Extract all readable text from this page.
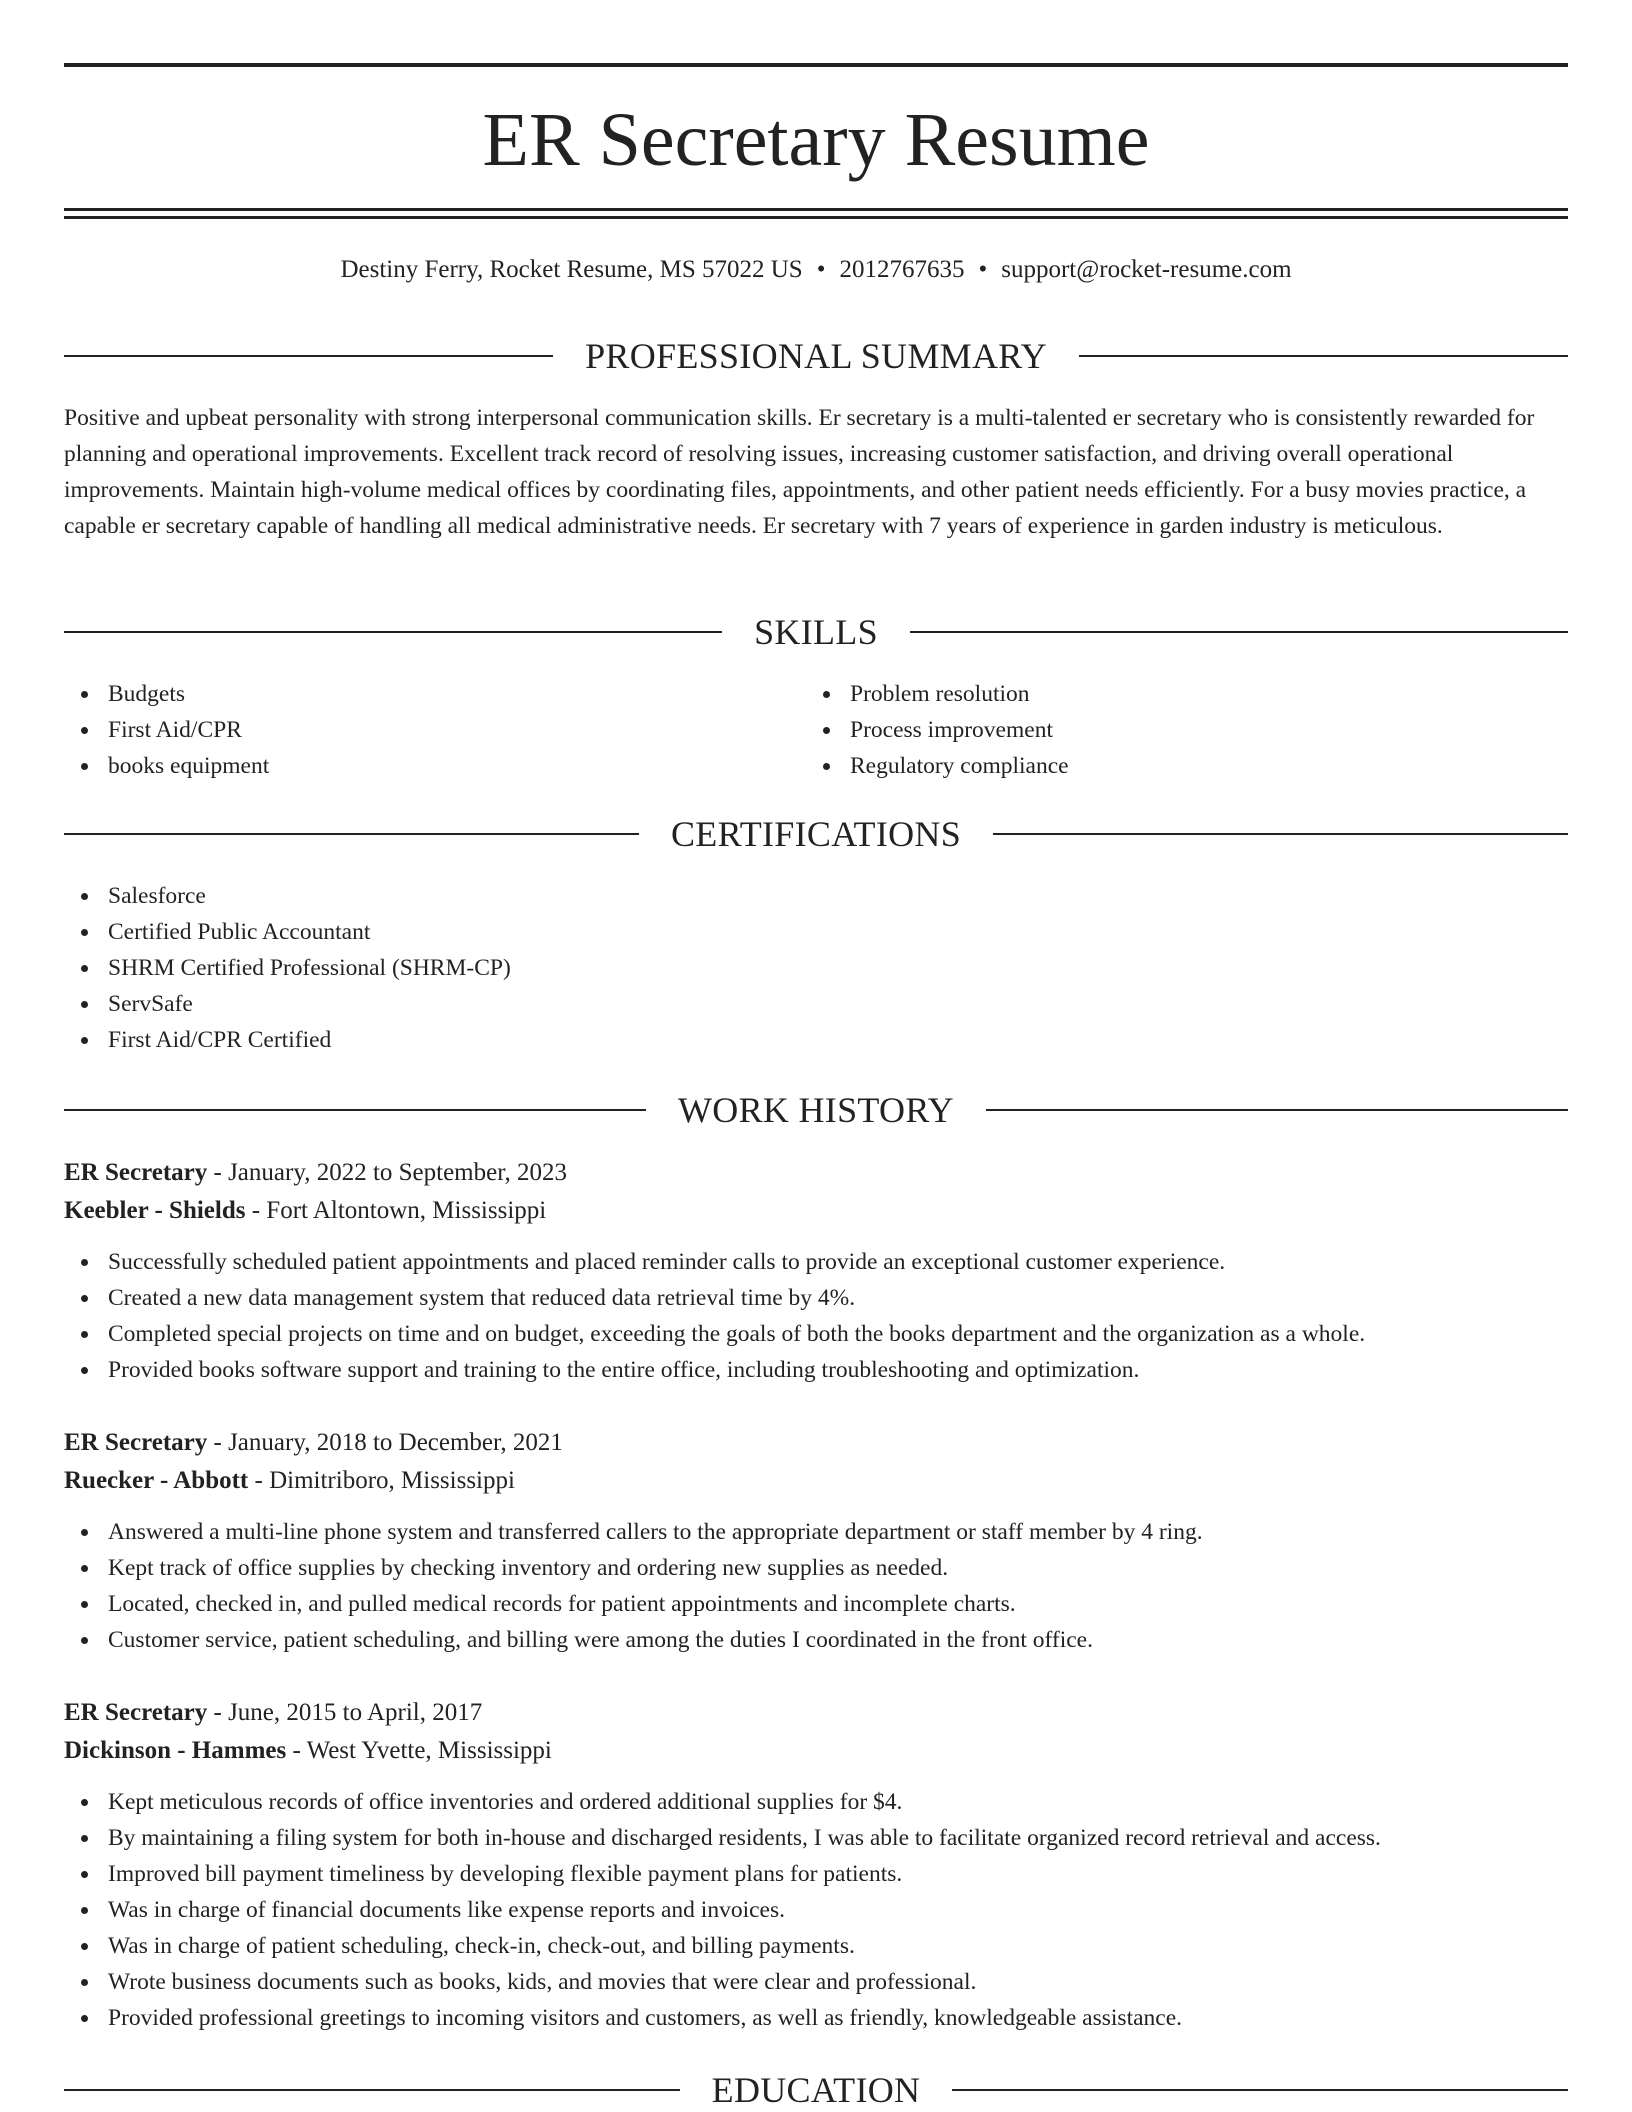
ER Secretary Resume
Destiny Ferry, Rocket Resume, MS 57022 US • 2012767635 • support@rocket-resume.com
PROFESSIONAL SUMMARY

Positive and upbeat personality with strong interpersonal communication skills. Er secretary is a multi-talented er secretary who is consistently rewarded for planning and operational improvements. Excellent track record of resolving issues, increasing customer satisfaction, and driving overall operational improvements. Maintain high-volume medical offices by coordinating files, appointments, and other patient needs efficiently. For a busy movies practice, a capable er secretary capable of handling all medical administrative needs. Er secretary with 7 years of experience in garden industry is meticulous.

SKILLS
Budgets
First Aid/CPR
books equipment
Problem resolution
Process improvement
Regulatory compliance
CERTIFICATIONS
Salesforce
Certified Public Accountant
SHRM Certified Professional (SHRM-CP)
ServSafe
First Aid/CPR Certified
WORK HISTORY
ER Secretary - January, 2022 to September, 2023
Keebler - Shields - Fort Altontown, Mississippi
Successfully scheduled patient appointments and placed reminder calls to provide an exceptional customer experience.
Created a new data management system that reduced data retrieval time by 4%.
Completed special projects on time and on budget, exceeding the goals of both the books department and the organization as a whole.
Provided books software support and training to the entire office, including troubleshooting and optimization.
ER Secretary - January, 2018 to December, 2021
Ruecker - Abbott - Dimitriboro, Mississippi
Answered a multi-line phone system and transferred callers to the appropriate department or staff member by 4 ring.
Kept track of office supplies by checking inventory and ordering new supplies as needed.
Located, checked in, and pulled medical records for patient appointments and incomplete charts.
Customer service, patient scheduling, and billing were among the duties I coordinated in the front office.
ER Secretary - June, 2015 to April, 2017
Dickinson - Hammes - West Yvette, Mississippi
Kept meticulous records of office inventories and ordered additional supplies for $4.
By maintaining a filing system for both in-house and discharged residents, I was able to facilitate organized record retrieval and access.
Improved bill payment timeliness by developing flexible payment plans for patients.
Was in charge of financial documents like expense reports and invoices.
Was in charge of patient scheduling, check-in, check-out, and billing payments.
Wrote business documents such as books, kids, and movies that were clear and professional.
Provided professional greetings to incoming visitors and customers, as well as friendly, knowledgeable assistance.
EDUCATION
